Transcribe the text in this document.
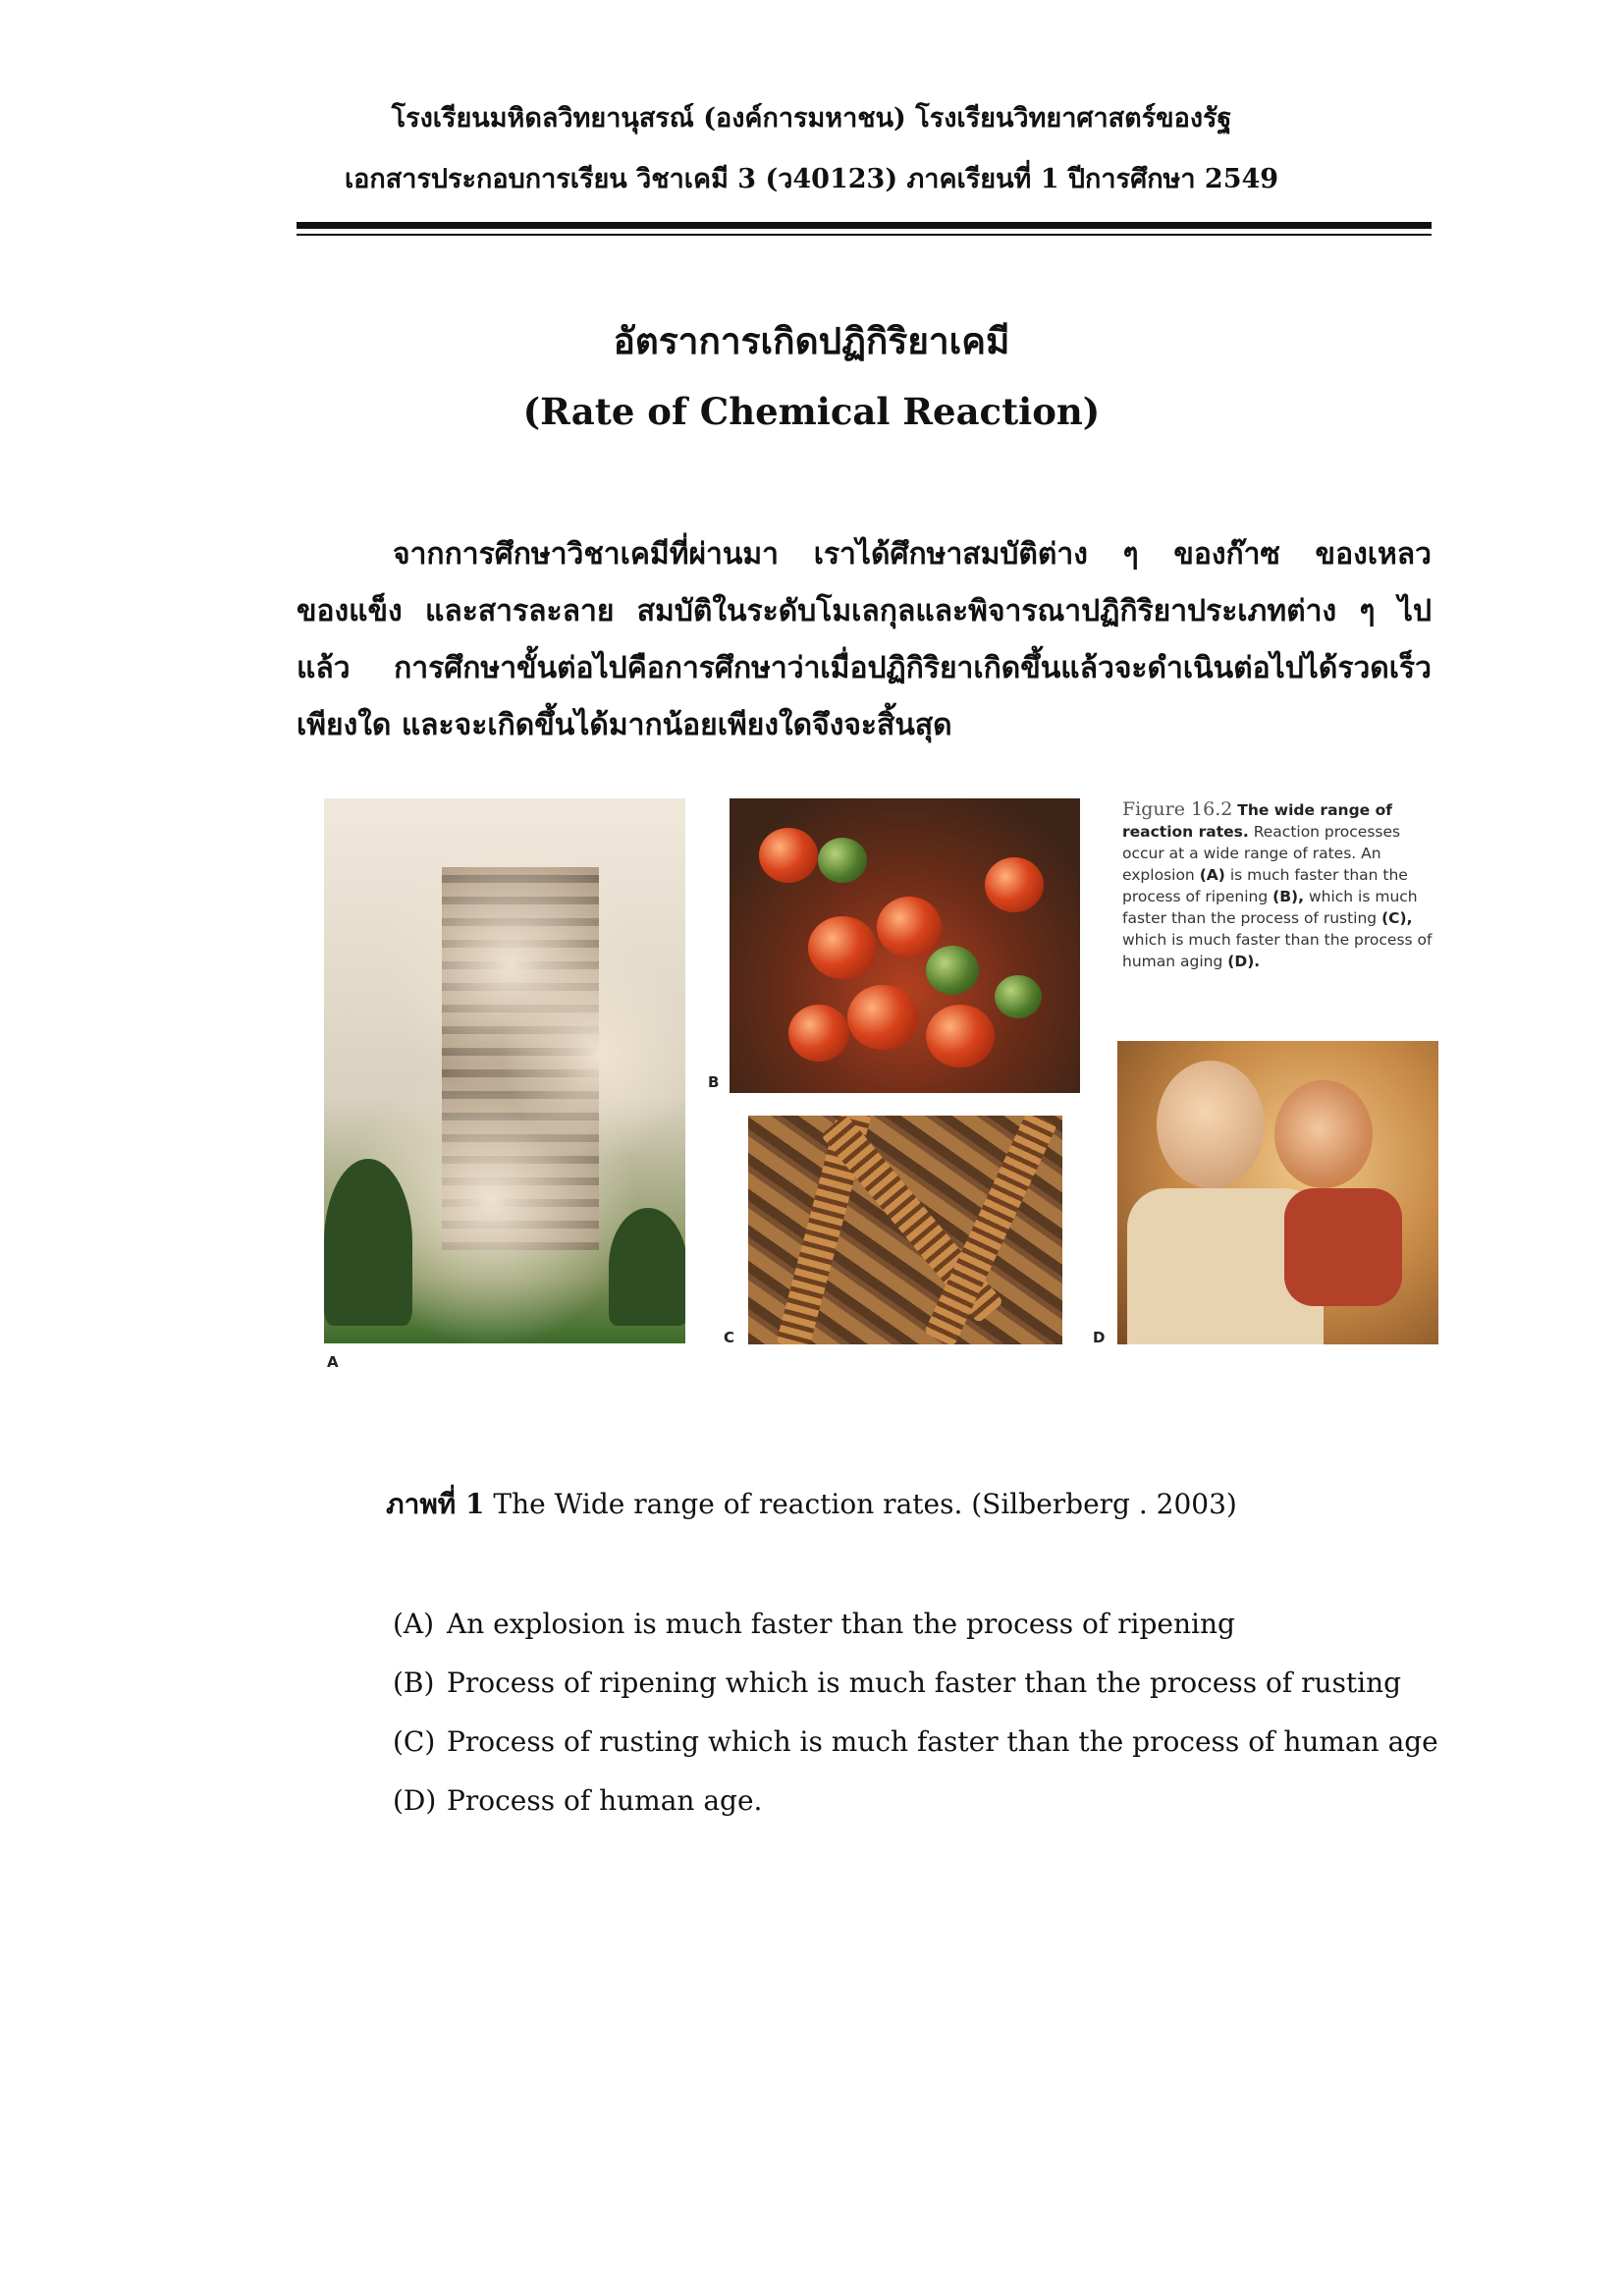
โรงเรียนมหิดลวิทยานุสรณ์ (องค์การมหาชน) โรงเรียนวิทยาศาสตร์ของรัฐ
เอกสารประกอบการเรียน วิชาเคมี 3 (ว40123) ภาคเรียนที่ 1 ปีการศึกษา 2549
อัตราการเกิดปฏิกิริยาเคมี
(Rate of Chemical Reaction)
จากการศึกษาวิชาเคมีที่ผ่านมา เราได้ศึกษาสมบัติต่าง ๆ ของก๊าซ ของเหลว ของแข็ง และสารละลาย สมบัติในระดับโมเลกุลและพิจารณาปฏิกิริยาประเภทต่าง ๆ ไปแล้ว การศึกษาขั้นต่อไปคือการศึกษาว่าเมื่อปฏิกิริยาเกิดขึ้นแล้วจะดำเนินต่อไปได้รวดเร็วเพียงใด และจะเกิดขึ้นได้มากน้อยเพียงใดจึงจะสิ้นสุด
A
B
C
Figure 16.2 The wide range of reaction rates. Reaction processes occur at a wide range of rates. An explosion (A) is much faster than the process of ripening (B), which is much faster than the process of rusting (C), which is much faster than the process of human aging (D).
D
ภาพที่ 1 The Wide range of reaction rates. (Silberberg . 2003)
(A) An explosion is much faster than the process of ripening
(B) Process of ripening which is much faster than the process of rusting
(C) Process of rusting which is much faster than the process of human age
(D) Process of human age.
